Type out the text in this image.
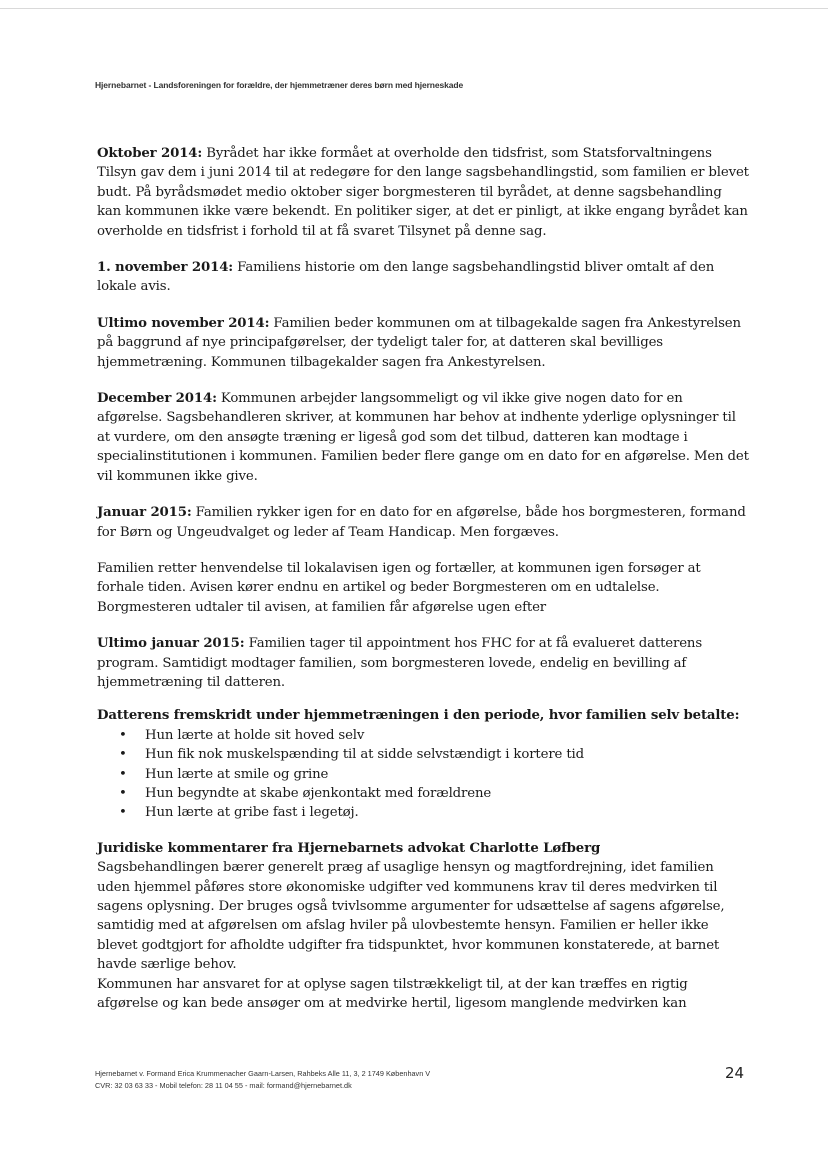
Hjernebarnet - Landsforeningen for forældre, der hjemmetræner deres børn med hjerneskade

Oktober 2014: Byrådet har ikke formået at overholde den tidsfrist, som Statsforvaltningens Tilsyn gav dem i juni 2014 til at redegøre for den lange sagsbehandlingstid, som familien er blevet budt. På byrådsmødet medio oktober siger borgmesteren til byrådet, at denne sagsbehandling kan kommunen ikke være bekendt. En politiker siger, at det er pinligt, at ikke engang byrådet kan overholde en tidsfrist i forhold til at få svaret Tilsynet på denne sag.

1. november 2014: Familiens historie om den lange sagsbehandlingstid bliver omtalt af den lokale avis.

Ultimo november 2014: Familien beder kommunen om at tilbagekalde sagen fra Ankestyrelsen på baggrund af nye principafgørelser, der tydeligt taler for, at datteren skal bevilliges hjemmetræning. Kommunen tilbagekalder sagen fra Ankestyrelsen.

December 2014: Kommunen arbejder langsommeligt og vil ikke give nogen dato for en afgørelse. Sagsbehandleren skriver, at kommunen har behov at indhente yderlige oplysninger til at vurdere, om den ansøgte træning er ligeså god som det tilbud, datteren kan modtage i specialinstitutionen i kommunen. Familien beder flere gange om en dato for en afgørelse. Men det vil kommunen ikke give.

Januar 2015: Familien rykker igen for en dato for en afgørelse, både hos borgmesteren, formand for Børn og Ungeudvalget og leder af Team Handicap. Men forgæves.

Familien retter henvendelse til lokalavisen igen og fortæller, at kommunen igen forsøger at forhale tiden. Avisen kører endnu en artikel og beder Borgmesteren om en udtalelse. Borgmesteren udtaler til avisen, at familien får afgørelse ugen efter

Ultimo januar 2015: Familien tager til appointment hos FHC for at få evalueret datterens program. Samtidigt modtager familien, som borgmesteren lovede, endelig en bevilling af hjemmetræning til datteren.

Datterens fremskridt under hjemmetræningen i den periode, hvor familien selv betalte:
• Hun lærte at holde sit hoved selv
• Hun fik nok muskelspænding til at sidde selvstændigt i kortere tid
• Hun lærte at smile og grine
• Hun begyndte at skabe øjenkontakt med forældrene
• Hun lærte at gribe fast i legetøj.
Juridiske kommentarer fra Hjernebarnets advokat Charlotte Løfberg
Sagsbehandlingen bærer generelt præg af usaglige hensyn og magtfordrejning, idet familien uden hjemmel påføres store økonomiske udgifter ved kommunens krav til deres medvirken til sagens oplysning. Der bruges også tvivlsomme argumenter for udsættelse af sagens afgørelse, samtidig med at afgørelsen om afslag hviler på ulovbestemte hensyn. Familien er heller ikke blevet godtgjort for afholdte udgifter fra tidspunktet, hvor kommunen konstaterede, at barnet havde særlige behov.
Kommunen har ansvaret for at oplyse sagen tilstrækkeligt til, at der kan træffes en rigtig afgørelse og kan bede ansøger om at medvirke hertil, ligesom manglende medvirken kan
Hjernebarnet v. Formand Erica Krummenacher Gaarn-Larsen, Rahbeks Alle 11, 3, 2 1749 København V
CVR: 32 03 63 33 - Mobil telefon: 28 11 04 55 - mail: formand@hjernebarnet.dk
24
